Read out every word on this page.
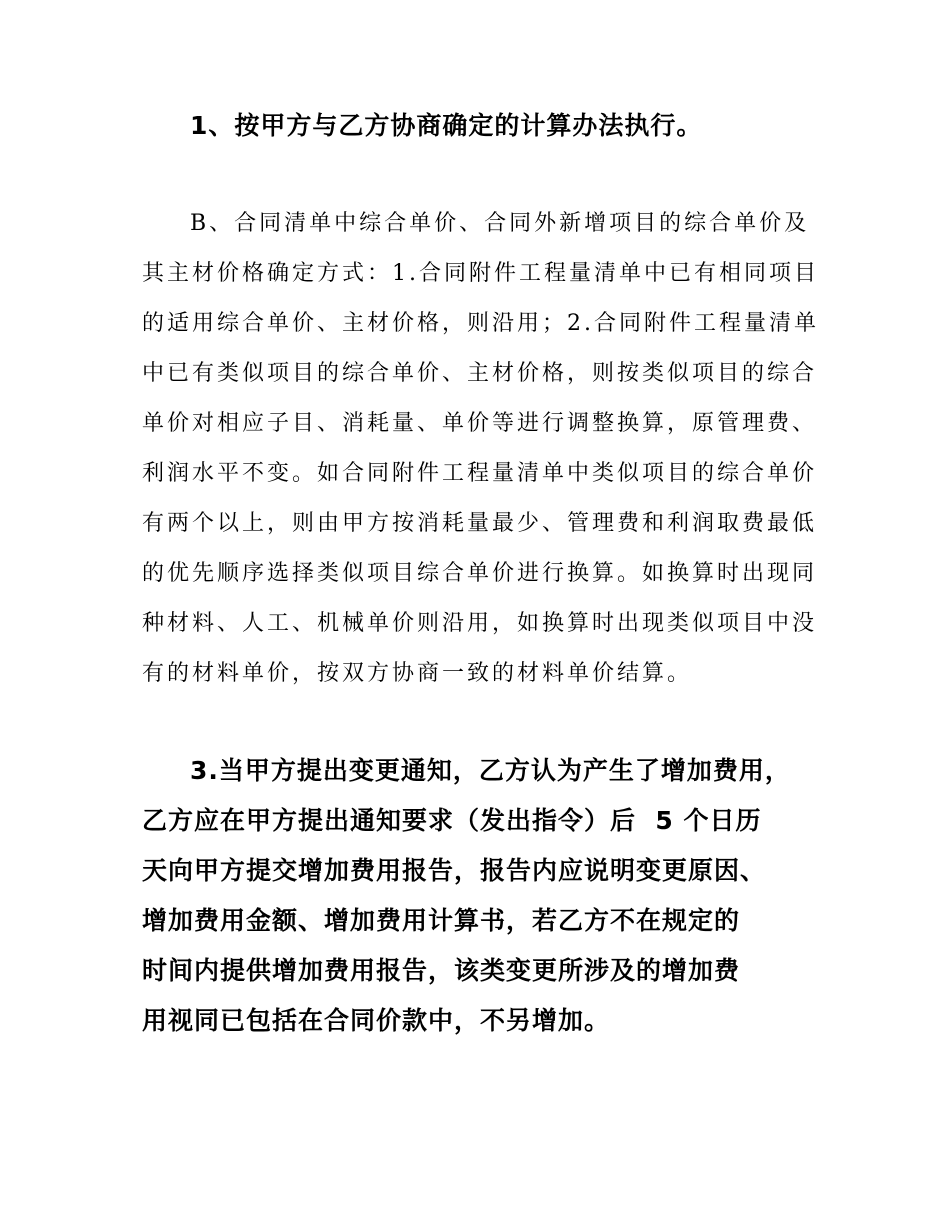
1、按甲方与乙方协商确定的计算办法执行。

B、合同清单中综合单价、合同外新增项目的综合单价及

其主材价格确定方式：1.合同附件工程量清单中已有相同项目

的适用综合单价、主材价格，则沿用；2.合同附件工程量清单

中已有类似项目的综合单价、主材价格，则按类似项目的综合

单价对相应子目、消耗量、单价等进行调整换算，原管理费、

利润水平不变。如合同附件工程量清单中类似项目的综合单价

有两个以上，则由甲方按消耗量最少、管理费和利润取费最低

的优先顺序选择类似项目综合单价进行换算。如换算时出现同

种材料、人工、机械单价则沿用，如换算时出现类似项目中没

有的材料单价，按双方协商一致的材料单价结算。

3.当甲方提出变更通知，乙方认为产生了增加费用，

乙方应在甲方提出通知要求（发出指令）后  5 个日历

天向甲方提交增加费用报告，报告内应说明变更原因、

增加费用金额、增加费用计算书，若乙方不在规定的

时间内提供增加费用报告，该类变更所涉及的增加费

用视同已包括在合同价款中，不另增加。
